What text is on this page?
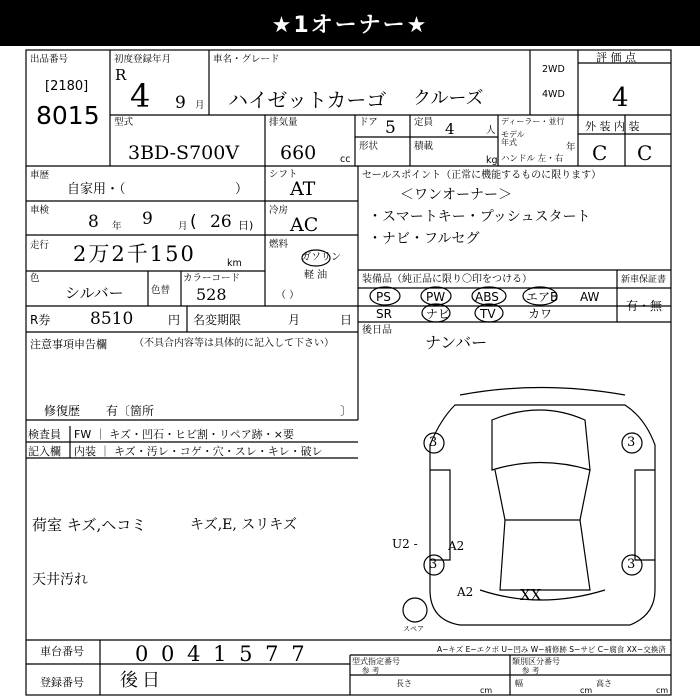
★1オーナー★
出品番号
[2180]
8015
初度登録年月
R
4 9 月
車名・グレード
ハイゼットカーゴ クルーズ
2WD
4WD
評 価 点
4
外 装 内 装
C C
型式
3BD-S700V
排気量
660 cc
ドア 5 定員 4	人
形状	積載
kg
ディーラー・並行
モデル年式	年
ハンドル 左・右
車歴
自家用・（	）
シフト
AT
車検
8 年 9	月 ( 26 日)
冷房
AC
走行 2万2千150	km
燃料
ガソリン
軽 油
（ ）
色
シルバー	色替
カラーコード
528
セールスポイント（正常に機能するものに限ります）
＜ワンオーナー＞
・スマートキー・プッシュスタート
・ナビ・フルセグ
装備品（純正品に限り〇印をつける）	新車保証書
有・無
PS	PW ABS エアB AW
SR	ナビ TV	カワ
R券 8510	円 名変期限	月	日
後日品
ナンバー
注意事項申告欄	（不具合内容等は具体的に記入して下さい）
修復歴 有〔箇所	〕
検査員 FW ｜ キズ・凹石・ヒビ割・リペア跡・×要
記入欄 内装 ｜ キズ・汚レ・コゲ・穴・スレ・キレ・破レ
荷室 キズ,ヘコミ	キズ,E, スリキズ
天井汚れ
3	3
3	3
U2 -	A2
A2	XX
スペア
A−キズ E−エクボ U−凹み W−補修跡 S−サビ C−腐食 XX−交換済
車台番号 0 0 4 1 5 7 7
登録番号 後日
型式指定番号
参 考
類別区分番号
参 考
長さ
cm
幅
cm
高さ
cm
